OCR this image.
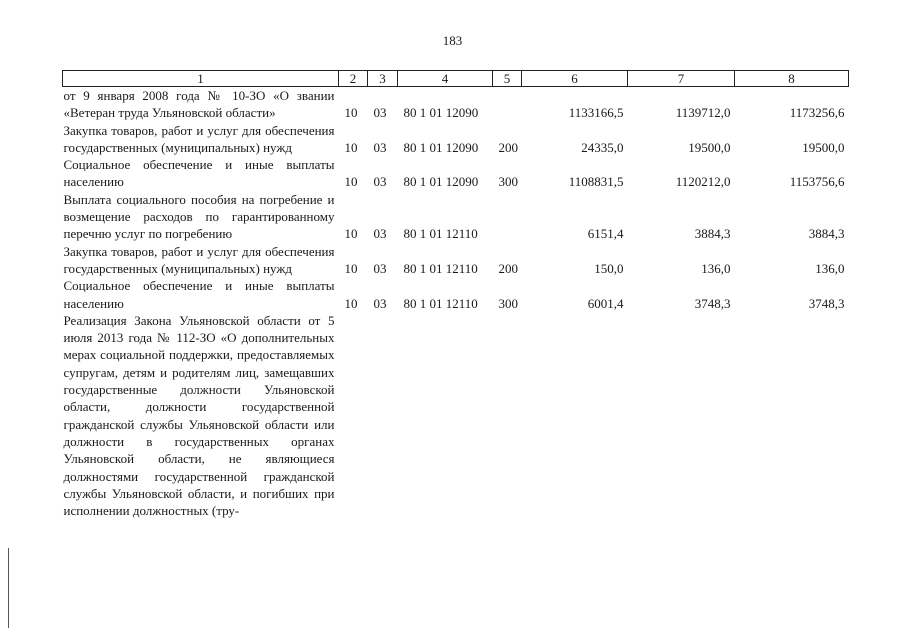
183
1	2	3	4	5	6	7	8
от 9 января 2008 года № 10-ЗО «О звании «Ветеран труда Ульяновской области»	10	03	80 1 01 12090		1133166,5	1139712,0	1173256,6
Закупка товаров, работ и услуг для обеспечения государственных (муниципальных) нужд	10	03	80 1 01 12090	200	24335,0	19500,0	19500,0
Социальное обеспечение и иные выплаты населению	10	03	80 1 01 12090	300	1108831,5	1120212,0	1153756,6
Выплата социального пособия на погребение и возмещение расходов по гарантированному перечню услуг по погребению	10	03	80 1 01 12110		6151,4	3884,3	3884,3
Закупка товаров, работ и услуг для обеспечения государственных (муниципальных) нужд	10	03	80 1 01 12110	200	150,0	136,0	136,0
Социальное обеспечение и иные выплаты населению	10	03	80 1 01 12110	300	6001,4	3748,3	3748,3
Реализация Закона Ульяновской области от 5 июля 2013 года № 112-ЗО «О дополнительных мерах социальной поддержки, предоставляемых супругам, детям и родителям лиц, замещавших государственные должности Ульяновской области, должности государственной гражданской службы Ульяновской области или должности в государственных органах Ульяновской области, не являющиеся должностями государственной гражданской службы Ульяновской области, и погибших при исполнении должностных (тру-							
